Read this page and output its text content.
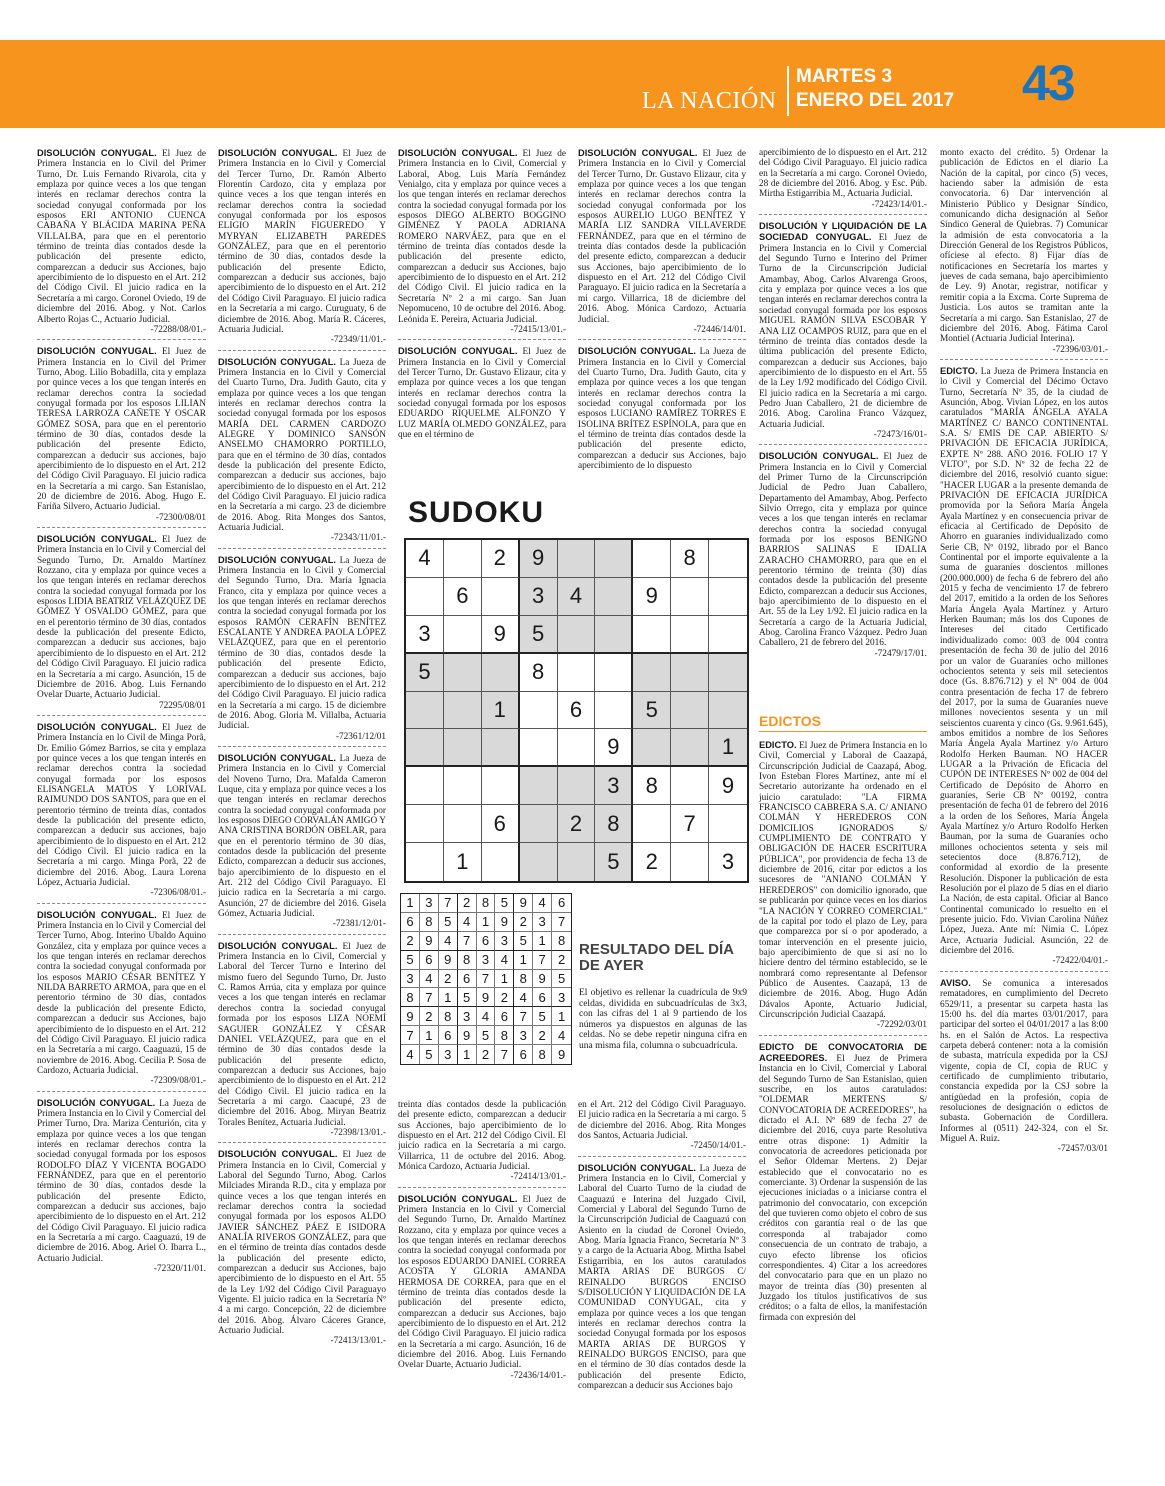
LA NACIÓN
MARTES 3
ENERO DEL 2017 43

DISOLUCIÓN CONYUGAL. El Juez de Primera Instancia en lo Civil del Primer Turno, Dr. Luis Fernando Rivarola, cita y emplaza por quince veces a los que tengan interés en reclamar derechos contra la sociedad conyugal conformada por los esposos ERI ANTONIO CUENCA CABAÑA Y BLÁCIDA MARINA PEÑA VILLALBA, para que en el perentorio término de treinta días contados desde la publicación del presente edicto, comparezcan a deducir sus Acciones, bajo apercibimiento de lo dispuesto en el Art. 212 del Código Civil. El juicio radica en la Secretaría a mi cargo. Coronel Oviedo, 19 de diciembre del 2016. Abog. y Not. Carlos Alberto Rojas C., Actuario Judicial.
-72288/08/01.-

DISOLUCIÓN CONYUGAL. El Juez de Primera Instancia en lo Civil del Primer Turno, Abog. Lilio Bobadilla, cita y emplaza por quince veces a los que tengan interés en reclamar derechos contra la sociedad conyugal formada por los esposos LILIAN TERESA LARROZA CAÑETE Y OSCAR GÓMEZ SOSA, para que en el perentorio término de 30 días, contados desde la publicación del presente Edicto, comparezcan a deducir sus acciones, bajo apercibimiento de lo dispuesto en el Art. 212 del Código Civil Paraguayo. El juicio radica en la Secretaría a mi cargo. San Estanislao, 20 de diciembre de 2016. Abog. Hugo E. Fariña Silvero, Actuario Judicial.
-72300/08/01

DISOLUCIÓN CONYUGAL. El Juez de Primera Instancia en lo Civil y Comercial del Segundo Turno, Dr. Arnaldo Martínez Rozzano, cita y emplaza por quince veces a los que tengan interés en reclamar derechos contra la sociedad conyugal formada por los esposos LIDIA BEATRIZ VELÁZQUEZ DE GÓMEZ Y OSVALDO GÓMEZ, para que en el perentorio término de 30 días, contados desde la publicación del presente Edicto, comparezcan a deducir sus acciones, bajo apercibimiento de lo dispuesto en el Art. 212 del Código Civil Paraguayo. El juicio radica en la Secretaría a mi cargo. Asunción, 15 de Diciembre de 2016. Abog. Luis Fernando Ovelar Duarte, Actuario Judicial.
72295/08/01

DISOLUCIÓN CONYUGAL. El Juez de Primera Instancia en lo Civil de Minga Porã, Dr. Emilio Gómez Barrios, se cita y emplaza por quince veces a los que tengan interés en reclamar derechos contra la sociedad conyugal formada por los esposos ELISANGELA MATOS Y LORIVAL RAIMUNDO DOS SANTOS, para que en el perentorio término de treinta días, contados desde la publicación del presente edicto, comparezcan a deducir sus acciones, bajo apercibimiento de lo dispuesto en el Art. 212 del Código Civil. El juicio radica en la Secretaría a mi cargo. Minga Porã, 22 de diciembre del 2016. Abog. Laura Lorena López, Actuaria Judicial.
-72306/08/01.-

DISOLUCIÓN CONYUGAL. El Juez de Primera Instancia en lo Civil y Comercial del Tercer Turno, Abog. Interino Ubaldo Aquino González, cita y emplaza por quince veces a los que tengan interés en reclamar derechos contra la sociedad conyugal conformada por los esposos MARIO CÉSAR BENÍTEZ Y NILDA BARRETO ARMOA, para que en el perentorio término de 30 días, contados desde la publicación del presente Edicto, comparezcan a deducir sus Acciones, bajo apercibimiento de lo dispuesto en el Art. 212 del Código Civil Paraguayo. El juicio radica en la Secretaría a mi cargo. Caaguazú, 15 de noviembre de 2016. Abog. Cecilia P. Sosa de Cardozo, Actuaria Judicial.
-72309/08/01.-

DISOLUCIÓN CONYUGAL. La Jueza de Primera Instancia en lo Civil y Comercial del Primer Turno, Dra. Mariza Centurión, cita y emplaza por quince veces a los que tengan interés en reclamar derechos contra la sociedad conyugal formada por los esposos RODOLFO DÍAZ Y VICENTA BOGADO FERNÁNDEZ, para que en el perentorio término de 30 días, contados desde la publicación del presente Edicto, comparezcan a deducir sus acciones, bajo apercibimiento de lo dispuesto en el Art. 212 del Código Civil Paraguayo. El juicio radica en la Secretaría a mi cargo. Caaguazú, 19 de diciembre de 2016. Abog. Ariel O. Ibarra L., Actuario Judicial.
-72320/11/01.

DISOLUCIÓN CONYUGAL. El Juez de Primera Instancia en lo Civil y Comercial del Tercer Turno, Dr. Ramón Alberto Florentín Cardozo, cita y emplaza por quince veces a los que tengan interés en reclamar derechos contra la sociedad conyugal conformada por los esposos ELIGIO MARÍN FIGUEREDO Y MYRYAN ELIZABETH PAREDES GONZÁLEZ, para que en el perentorio término de 30 días, contados desde la publicación del presente Edicto, comparezcan a deducir sus acciones, bajo apercibimiento de lo dispuesto en el Art. 212 del Código Civil Paraguayo. El juicio radica en la Secretaría a mi cargo. Curuguaty, 6 de diciembre de 2016. Abog. María R. Cáceres, Actuaria Judicial.
-72349/11/01.-

DISOLUCIÓN CONYUGAL. La Jueza de Primera Instancia en lo Civil y Comercial del Cuarto Turno, Dra. Judith Gauto, cita y emplaza por quince veces a los que tengan interés en reclamar derechos contra la sociedad conyugal formada por los esposos MARÍA DEL CARMEN CARDOZO ALEGRE Y DOMINICO SANSÓN ANSELMO CHAMORRO PORTILLO, para que en el término de 30 días, contados desde la publicación del presente Edicto, comparezcan a deducir sus acciones, bajo apercibimiento de lo dispuesto en el Art. 212 del Código Civil Paraguayo. El juicio radica en la Secretaría a mi cargo. 23 de diciembre de 2016. Abog. Rita Monges dos Santos, Actuaria Judicial.
-72343/11/01.-

DISOLUCIÓN CONYUGAL. La Jueza de Primera Instancia en lo Civil y Comercial del Segundo Turno, Dra. María Ignacia Franco, cita y emplaza por quince veces a los que tengan interés en reclamar derechos contra la sociedad conyugal formada por los esposos RAMÓN CERAFÍN BENÍTEZ ESCALANTE Y ANDREA PAOLA LÓPEZ VELÁZQUEZ, para que en el perentorio término de 30 días, contados desde la publicación del presente Edicto, comparezcan a deducir sus acciones, bajo apercibimiento de lo dispuesto en el Art. 212 del Código Civil Paraguayo. El juicio radica en la Secretaría a mi cargo. 15 de diciembre de 2016. Abog. Gloria M. Villalba, Actuaria Judicial.
-72361/12/01

DISOLUCIÓN CONYUGAL. La Jueza de Primera Instancia en lo Civil y Comercial del Noveno Turno, Dra. Mafalda Cameron Luque, cita y emplaza por quince veces a los que tengan interés en reclamar derechos contra la sociedad conyugal conformada por los esposos DIEGO CORVALÁN AMIGO Y ANA CRISTINA BORDÓN OBELAR, para que en el perentorio término de 30 días, contados desde la publicación del presente Edicto, comparezcan a deducir sus acciones, bajo apercibimiento de lo dispuesto en el Art. 212 del Código Civil Paraguayo. El juicio radica en la Secretaría a mi cargo. Asunción, 27 de diciembre del 2016. Gisela Gómez, Actuaria Judicial.
-72381/12/01-

DISOLUCIÓN CONYUGAL. El Juez de Primera Instancia en lo Civil, Comercial y Laboral del Tercer Turno e Interino del mismo fuero del Segundo Turno, Dr. Justo C. Ramos Arrúa, cita y emplaza por quince veces a los que tengan interés en reclamar derechos contra la sociedad conyugal formada por los esposos LIZA NOEMÍ SAGUIER GONZÁLEZ Y CÉSAR DANIEL VELÁZQUEZ, para que en el término de 30 días contados desde la publicación del presente edicto, comparezcan a deducir sus Acciones, bajo apercibimiento de lo dispuesto en el Art. 212 del Código Civil. El juicio radica en la Secretaría a mi cargo. Caacupé, 23 de diciembre del 2016. Abog. Miryan Beatriz Torales Benítez, Actuaria Judicial.
-72398/13/01.-

DISOLUCIÓN CONYUGAL. El Juez de Primera Instancia en lo Civil, Comercial y Laboral del Segundo Turno, Abog. Carlos Milciades Miranda R.D., cita y emplaza por quince veces a los que tengan interés en reclamar derechos contra la sociedad conyugal formada por los esposos ALDO JAVIER SÁNCHEZ PÁEZ E ISIDORA ANALÍA RIVEROS GONZÁLEZ, para que en el término de treinta días contados desde la publicación del presente edicto, comparezcan a deducir sus Acciones, bajo apercibimiento de lo dispuesto en el Art. 55 de la Ley 1/92 del Código Civil Paraguayo Vigente. El juicio radica en la Secretaría Nº 4 a mi cargo. Concepción, 22 de diciembre del 2016. Abog. Álvaro Cáceres Grance, Actuario Judicial.
-72413/13/01.-

DISOLUCIÓN CONYUGAL. El Juez de Primera Instancia en lo Civil, Comercial y Laboral, Abog. Luis María Fernández Venialgo, cita y emplaza por quince veces a los que tengan interés en reclamar derechos contra la sociedad conyugal formada por los esposos DIEGO ALBERTO BOGGINO GIMÉNEZ Y PAOLA ADRIANA ROMERO NARVÁEZ, para que en el término de treinta días contados desde la publicación del presente edicto, comparezcan a deducir sus Acciones, bajo apercibimiento de lo dispuesto en el Art. 212 del Código Civil. El juicio radica en la Secretaría Nº 2 a mi cargo. San Juan Nepomuceno, 10 de octubre del 2016. Abog. Leónida E. Pereira, Actuaria Judicial.
-72415/13/01.-

DISOLUCIÓN CONYUGAL. El Juez de Primera Instancia en lo Civil y Comercial del Tercer Turno, Dr. Gustavo Elizaur, cita y emplaza por quince veces a los que tengan interés en reclamar derechos contra la sociedad conyugal formada por los esposos EDUARDO RIQUELME ALFONZO Y LUZ MARÍA OLMEDO GONZÁLEZ, para que en el término de

DISOLUCIÓN CONYUGAL. El Juez de Primera Instancia en lo Civil y Comercial del Tercer Turno, Dr. Gustavo Elizaur, cita y emplaza por quince veces a los que tengan interés en reclamar derechos contra la sociedad conyugal conformada por los esposos AURELIO LUGO BENÍTEZ Y MARÍA LIZ SANDRA VILLAVERDE FERNÁNDEZ, para que en el término de treinta días contados desde la publicación del presente edicto, comparezcan a deducir sus Acciones, bajo apercibimiento de lo dispuesto en el Art. 212 del Código Civil Paraguayo. El juicio radica en la Secretaría a mi cargo. Villarrica, 18 de diciembre del 2016. Abog. Mónica Cardozo, Actuaria Judicial.
-72446/14/01.

DISOLUCIÓN CONYUGAL. La Jueza de Primera Instancia en lo Civil y Comercial del Cuarto Turno, Dra. Judith Gauto, cita y emplaza por quince veces a los que tengan interés en reclamar derechos contra la sociedad conyugal conformada por los esposos LUCIANO RAMÍREZ TORRES E ISOLINA BRÍTEZ ESPÍNOLA, para que en el término de treinta días contados desde la publicación del presente edicto, comparezcan a deducir sus Acciones, bajo apercibimiento de lo dispuesto

apercibimiento de lo dispuesto en el Art. 212 del Código Civil Paraguayo. El juicio radica en la Secretaría a mi cargo. Coronel Oviedo, 28 de diciembre del 2016. Abog. y Esc. Púb. Mirtha Estigarribia M., Actuaria Judicial.
-72423/14/01.-

DISOLUCIÓN Y LIQUIDACIÓN DE LA SOCIEDAD CONYUGAL. El Juez de Primera Instancia en lo Civil y Comercial del Segundo Turno e Interino del Primer Turno de la Circunscripción Judicial Amambay, Abog. Carlos Alvarenga Groos, cita y emplaza por quince veces a los que tengan interés en reclamar derechos contra la sociedad conyugal formada por los esposos MIGUEL RAMÓN SILVA ESCOBAR Y ANA LIZ OCAMPOS RUIZ, para que en el término de treinta días contados desde la última publicación del presente Edicto, comparezcan a deducir sus Acciones, bajo apercibimiento de lo dispuesto en el Art. 55 de la Ley 1/92 modificado del Código Civil. El juicio radica en la Secretaría a mi cargo. Pedro Juan Caballero, 21 de diciembre de 2016. Abog. Carolina Franco Vázquez, Actuaria Judicial.
-72473/16/01-

DISOLUCIÓN CONYUGAL. El Juez de Primera Instancia en lo Civil y Comercial del Primer Turno de la Circunscripción Judicial de Pedro Juan Caballero, Departamento del Amambay, Abog. Perfecto Silvio Orrego, cita y emplaza por quince veces a los que tengan interés en reclamar derechos contra la sociedad conyugal formada por los esposos BENIGNO BARRIOS SALINAS E IDALIA ZARACHO CHAMORRO, para que en el perentorio término de treinta (30) días contados desde la publicación del presente Edicto, comparezcan a deducir sus Acciones, bajo apercibimiento de lo dispuesto en el Art. 55 de la Ley 1/92. El juicio radica en la Secretaría a cargo de la Actuaria Judicial, Abog. Carolina Franco Vázquez. Pedro Juan Caballero, 21 de febrero del 2016.
-72479/17/01.

EDICTOS

EDICTO. El Juez de Primera Instancia en lo Civil, Comercial y Laboral de Caazapá, Circunscripción Judicial de Caazapá, Abog. Ivon Esteban Flores Martínez, ante mí el Secretario autorizante ha ordenado en el juicio caratulado: "LA FIRMA FRANCISCO CABRERA S.A. C/ ANIANO COLMÁN Y HEREDEROS CON DOMICILIOS IGNORADOS S/ CUMPLIMIENTO DE CONTRATO Y OBLIGACIÓN DE HACER ESCRITURA PÚBLICA", por providencia de fecha 13 de diciembre de 2016, citar por edictos a los sucesores de "ANIANO COLMÁN Y HEREDEROS" con domicilio ignorado, que se publicarán por quince veces en los diarios "LA NACIÓN Y CORREO COMERCIAL" de la capital por todo el plazo de Ley, para que comparezca por sí o por apoderado, a tomar intervención en el presente juicio, bajo apercibimiento de que si así no lo hiciere dentro del término establecido, se le nombrará como representante al Defensor Público de Ausentes. Caazapá, 13 de diciembre de 2016. Abog. Hugo Adán Dávalos Aponte, Actuario Judicial, Circunscripción Judicial Caazapá.
-72292/03/01

EDICTO DE CONVOCATORIA DE ACREEDORES. El Juez de Primera Instancia en lo Civil, Comercial y Laboral del Segundo Turno de San Estanislao, quien suscribe, en los autos caratulados: "OLDEMAR MERTENS S/ CONVOCATORIA DE ACREEDORES", ha dictado el A.I. Nº 689 de fecha 27 de diciembre del 2016, cuya parte Resolutiva entre otras dispone: 1) Admitir la convocatoria de acreedores peticionada por el Señor Oldemar Mertens. 2) Dejar establecido que el convocatario no es comerciante. 3) Ordenar la suspensión de las ejecuciones iniciadas o a iniciarse contra el patrimonio del convocatario, con excepción del que tuvieren como objeto el cobro de sus créditos con garantía real o de las que corresponda al trabajador como consecuencia de un contrato de trabajo, a cuyo efecto líbrense los oficios correspondientes. 4) Citar a los acreedores del convocatario para que en un plazo no mayor de treinta días (30) presenten al Juzgado los títulos justificativos de sus créditos; o a falta de ellos, la manifestación firmada con expresión del

monto exacto del crédito. 5) Ordenar la publicación de Edictos en el diario La Nación de la capital, por cinco (5) veces, haciendo saber la admisión de esta convocatoria. 6) Dar intervención al Ministerio Público y Designar Síndico, comunicando dicha designación al Señor Síndico General de Quiebras. 7) Comunicar la admisión de esta convocatoria a la Dirección General de los Registros Públicos, ofíciese al efecto. 8) Fijar días de notificaciones en Secretaría los martes y jueves de cada semana, bajo apercibimiento de Ley. 9) Anotar, registrar, notificar y remitir copia a la Excma. Corte Suprema de Justicia. Los autos se tramitan ante la Secretaría a mi cargo. San Estanislao, 27 de diciembre del 2016. Abog. Fátima Carol Montiel (Actuaria Judicial Interina).
-72396/03/01.-

EDICTO. La Jueza de Primera Instancia en lo Civil y Comercial del Décimo Octavo Turno, Secretaría Nº 35, de la ciudad de Asunción, Abog. Vivian López, en los autos caratulados "MARÍA ÁNGELA AYALA MARTÍNEZ C/ BANCO CONTINENTAL S.A. S/ EMIS DE CAP. ABIERTO S/ PRIVACIÓN DE EFICACIA JURÍDICA, EXPTE Nº 288. AÑO 2016. FOLIO 17 Y VLTO", por S.D. Nº 32 de fecha 22 de diciembre del 2016, resolvió cuanto sigue: "HACER LUGAR a la presente demanda de PRIVACIÓN DE EFICACIA JURÍDICA promovida por la Señora María Ángela Ayala Martínez y en consecuencia privar de eficacia al Certificado de Depósito de Ahorro en guaraníes individualizado como Serie CB, Nº 0192, librado por el Banco Continental por el importe equivalente a la suma de guaraníes doscientos millones (200.000.000) de fecha 6 de febrero del año 2015 y fecha de vencimiento 17 de febrero del 2017, emitido a la orden de los Señores María Ángela Ayala Martínez y Arturo Herken Bauman; más los dos Cupones de Intereses del citado Certificado individualizado como: 003 de 004 contra presentación de fecha 30 de julio del 2016 por un valor de Guaraníes ocho millones ochocientos setenta y seis mil setecientos doce (Gs. 8.876.712) y el Nº 004 de 004 contra presentación de fecha 17 de febrero del 2017, por la suma de Guaraníes nueve millones novecientos sesenta y un mil seiscientos cuarenta y cinco (Gs. 9.961.645), ambos emitidos a nombre de los Señores María Ángela Ayala Martínez y/o Arturo Rodolfo Herken Bauman. NO HACER LUGAR a la Privación de Eficacia del CUPÓN DE INTERESES Nº 002 de 004 del Certificado de Depósito de Ahorro en guaraníes, Serie CB Nº 00192, contra presentación de fecha 01 de febrero del 2016 a la orden de los Señores, María Ángela Ayala Martínez y/o Arturo Rodolfo Herken Bauman, por la suma de Guaraníes ocho millones ochocientos setenta y seis mil setecientos doce (8.876.712), de conformidad al exordio de la presente Resolución. Disponer la publicación de esta Resolución por el plazo de 5 días en el diario La Nación, de esta capital. Oficiar al Banco Continental comunicado lo resuelto en el presente juicio. Fdo. Vivian Carolina Núñez López, Jueza. Ante mí: Nimia C. López Arce, Actuaria Judicial. Asunción, 22 de diciembre del 2016.
-72422/04/01.-

AVISO. Se comunica a interesados rematadores, en cumplimiento del Decreto 6529/11, a presentar su carpeta hasta las 15:00 hs. del día martes 03/01/2017, para participar del sorteo el 04/01/2017 a las 8:00 hs. en el Salón de Actos. La respectiva carpeta deberá contener: nota a la comisión de subasta, matrícula expedida por la CSJ vigente, copia de CI, copia de RUC y certificado de cumplimiento tributario, constancia expedida por la CSJ sobre la antigüedad en la profesión, copia de resoluciones de designación o edictos de subasta. Gobernación de Cordillera. Informes al (0511) 242-324, con el Sr. Miguel A. Ruiz.
-72457/03/01

treinta días contados desde la publicación del presente edicto, comparezcan a deducir sus Acciones, bajo apercibimiento de lo dispuesto en el Art. 212 del Código Civil. El juicio radica en la Secretaría a mi cargo. Villarrica, 11 de octubre del 2016. Abog. Mónica Cardozo, Actuaria Judicial.
-72414/13/01.-

DISOLUCIÓN CONYUGAL. El Juez de Primera Instancia en lo Civil y Comercial del Segundo Turno, Dr. Arnaldo Martínez Rozzano, cita y emplaza por quince veces a los que tengan interés en reclamar derechos contra la sociedad conyugal conformada por los esposos EDUARDO DANIEL CORREA ACOSTA Y GLORIA AMANDA HERMOSA DE CORREA, para que en el término de treinta días contados desde la publicación del presente edicto, comparezcan a deducir sus Acciones, bajo apercibimiento de lo dispuesto en el Art. 212 del Código Civil Paraguayo. El juicio radica en la Secretaría a mi cargo. Asunción, 16 de diciembre del 2016. Abog. Luis Fernando Ovelar Duarte, Actuario Judicial.
-72436/14/01.-

en el Art. 212 del Código Civil Paraguayo. El juicio radica en la Secretaría a mi cargo. 5 de diciembre del 2016. Abog. Rita Monges dos Santos, Actuaria Judicial.
-72450/14/01.-

DISOLUCIÓN CONYUGAL. La Jueza de Primera Instancia en lo Civil, Comercial y Laboral del Cuarto Turno de la ciudad de Caaguazú e Interina del Juzgado Civil, Comercial y Laboral del Segundo Turno de la Circunscripción Judicial de Caaguazú con Asiento en la ciudad de Coronel Oviedo, Abog. María Ignacia Franco, Secretaría Nº 3 y a cargo de la Actuaria Abog. Mirtha Isabel Estigarribia, en los autos caratulados MARTA ARIAS DE BURGOS C/ REINALDO BURGOS ENCISO S/DISOLUCIÓN Y LIQUIDACIÓN DE LA COMUNIDAD CONYUGAL, cita y emplaza por quince veces a los que tengan interés en reclamar derechos contra la sociedad Conyugal formada por los esposos MARTA ARIAS DE BURGOS Y REINALDO BURGOS ENCISO, para que en el término de 30 días contados desde la publicación del presente Edicto, comparezcan a deducir sus Acciones bajo

SUDOKU
4	2	9	8
6	3	4	9
3	9	5
5	8
1	6	5
9	1
3	8	9
6	2	8	7
1	5	2	3
1 3 7 2 8 5 9 4 6
6 8 5 4 1 9 2 3 7
2 9 4 7 6 3 5 1 8
5 6 9 8 3 4 1 7 2
3 4 2 6 7 1 8 9 5
8 7 1 5 9 2 4 6 3
9 2 8 3 4 6 7 5 1
7 1 6 9 5 8 3 2 4
4 5 3 1 2 7 6 8 9
RESULTADO DEL DÍA DE AYER
El objetivo es rellenar la cuadrícula de 9x9 celdas, dividida en subcuadrículas de 3x3, con las cifras del 1 al 9 partiendo de los números ya dispuestos en algunas de las celdas. No se debe repetir ninguna cifra en una misma fila, columna o subcuadrícula.
